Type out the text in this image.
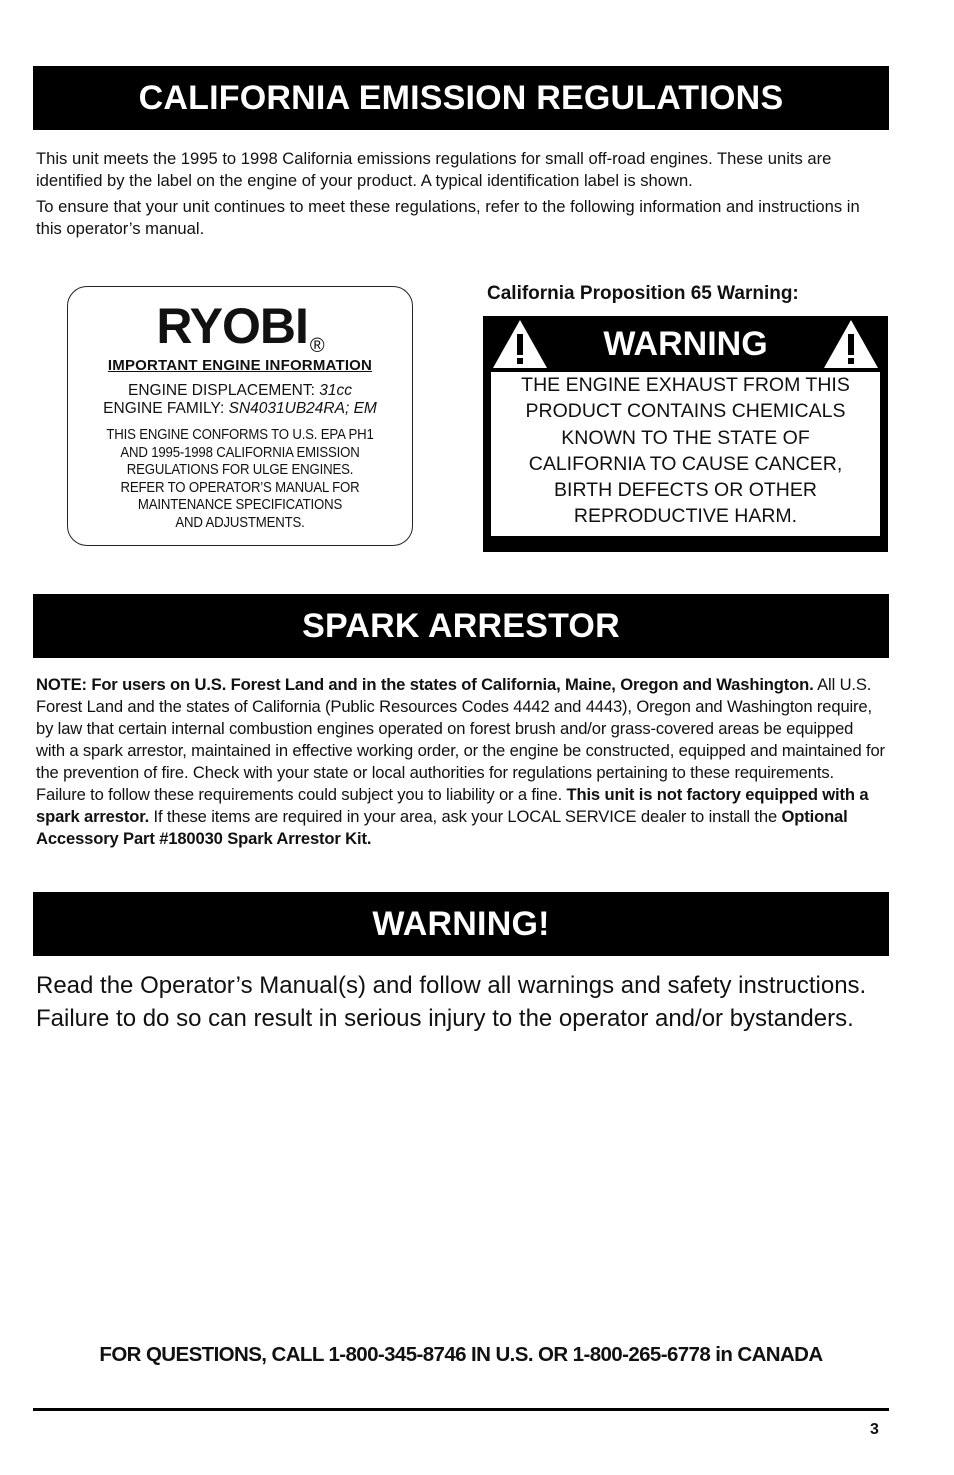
CALIFORNIA EMISSION REGULATIONS

This unit meets the 1995 to 1998 California emissions regulations for small off-road engines. These units are identified by the label on the engine of your product. A typical identification label is shown.

To ensure that your unit continues to meet these regulations, refer to the following information and instructions in this operator’s manual.

RYOBI ®
IMPORTANT ENGINE INFORMATION
ENGINE DISPLACEMENT: 31cc
ENGINE FAMILY: SN4031UB24RA; EM
THIS ENGINE CONFORMS TO U.S. EPA PH1
AND 1995-1998 CALIFORNIA EMISSION
REGULATIONS FOR ULGE ENGINES.
REFER TO OPERATOR’S MANUAL FOR
MAINTENANCE SPECIFICATIONS
AND ADJUSTMENTS.
California Proposition 65 Warning:
WARNING
THE ENGINE EXHAUST FROM THIS
PRODUCT CONTAINS CHEMICALS
KNOWN TO THE STATE OF
CALIFORNIA TO CAUSE CANCER,
BIRTH DEFECTS OR OTHER
REPRODUCTIVE HARM.
SPARK ARRESTOR

NOTE: For users on U.S. Forest Land and in the states of California, Maine, Oregon and Washington. All U.S. Forest Land and the states of California (Public Resources Codes 4442 and 4443), Oregon and Washington require, by law that certain internal combustion engines operated on forest brush and/or grass-covered areas be equipped with a spark arrestor, maintained in effective working order, or the engine be constructed, equipped and maintained for the prevention of fire. Check with your state or local authorities for regulations pertaining to these requirements. Failure to follow these requirements could subject you to liability or a fine. This unit is not factory equipped with a spark arrestor. If these items are required in your area, ask your LOCAL SERVICE dealer to install the Optional Accessory Part #180030 Spark Arrestor Kit.

WARNING!

Read the Operator’s Manual(s) and follow all warnings and safety instructions. Failure to do so can result in serious injury to the operator and/or bystanders.

FOR QUESTIONS, CALL 1-800-345-8746 IN U.S. OR 1-800-265-6778 in CANADA
3
